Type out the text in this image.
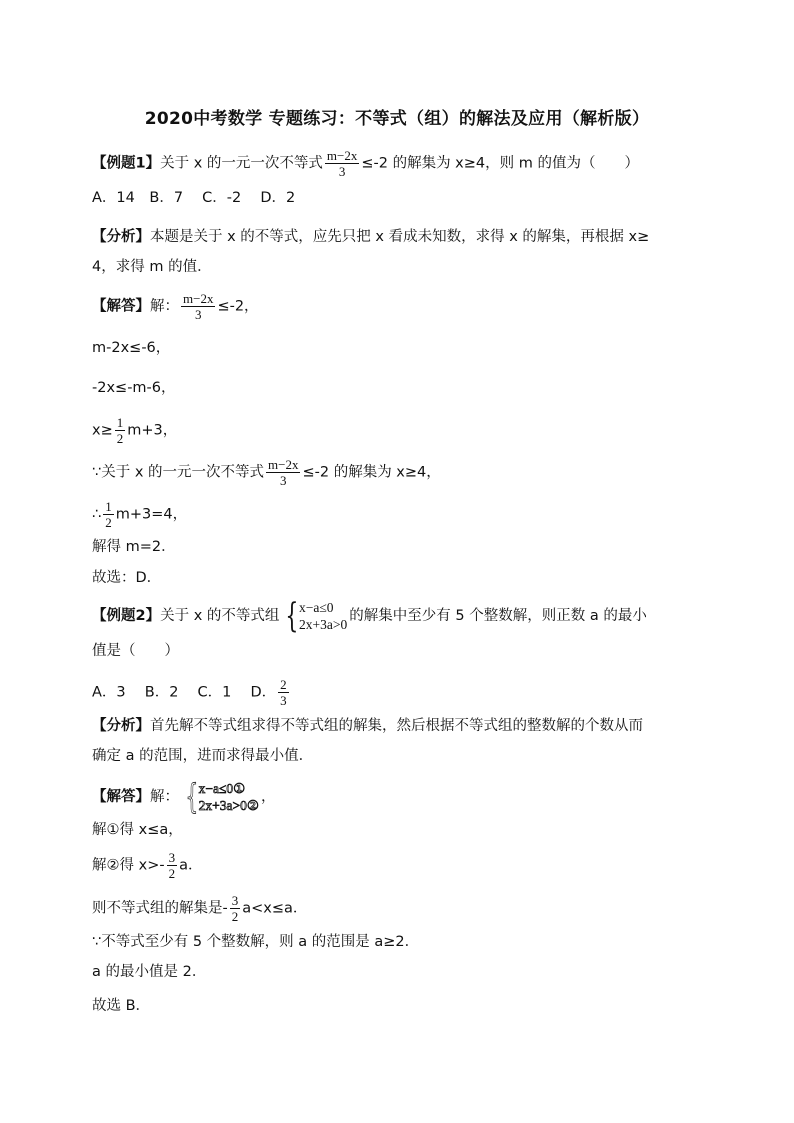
2020中考数学 专题练习：不等式（组）的解法及应用（解析版）
【例题1】关于 x 的一元一次不等式 $\frac{m-2x}{3} \le-2$ 的解集为 x≥4，则 m 的值为（　　）
A．14　B．7　 C．-2　 D．2
【分析】本题是关于 x 的不等式，应先只把 x 看成未知数，求得 x 的解集，再根据 x≥
4，求得 m 的值．
【解答】解： $\frac{m-2x}{3} \le-2$，
m-2x≤-6，
-2x≤-m-6，
$x\ge \frac{1}{2} m+3$，
∵关于 x 的一元一次不等式 $\frac{m-2x}{3} \le-2$ 的解集为 x≥4，
∴ $\frac{1}{2} m+3=4$，
解得 m=2．
故选：D．
【例题2】关于 x 的不等式组 { x−a≤0
2x+3a>0
的解集中至少有 5 个整数解，则正数 a 的最小
值是（　　）
A．3　 B．2　 C．1　 D． $\frac{2}{3}$
【分析】首先解不等式组求得不等式组的解集，然后根据不等式组的整数解的个数从而
确定 a 的范围，进而求得最小值．
【解答】解： { x−a≤0①
2x+3a>0②
，
解①得 x≤a，
解②得 $x>- \frac{3}{2}$ a．
则不等式组的解集是- $\frac{3}{2} a<x\le a$．
∵不等式至少有 5 个整数解，则 a 的范围是 a≥2．
a 的最小值是 2．
故选 B．
